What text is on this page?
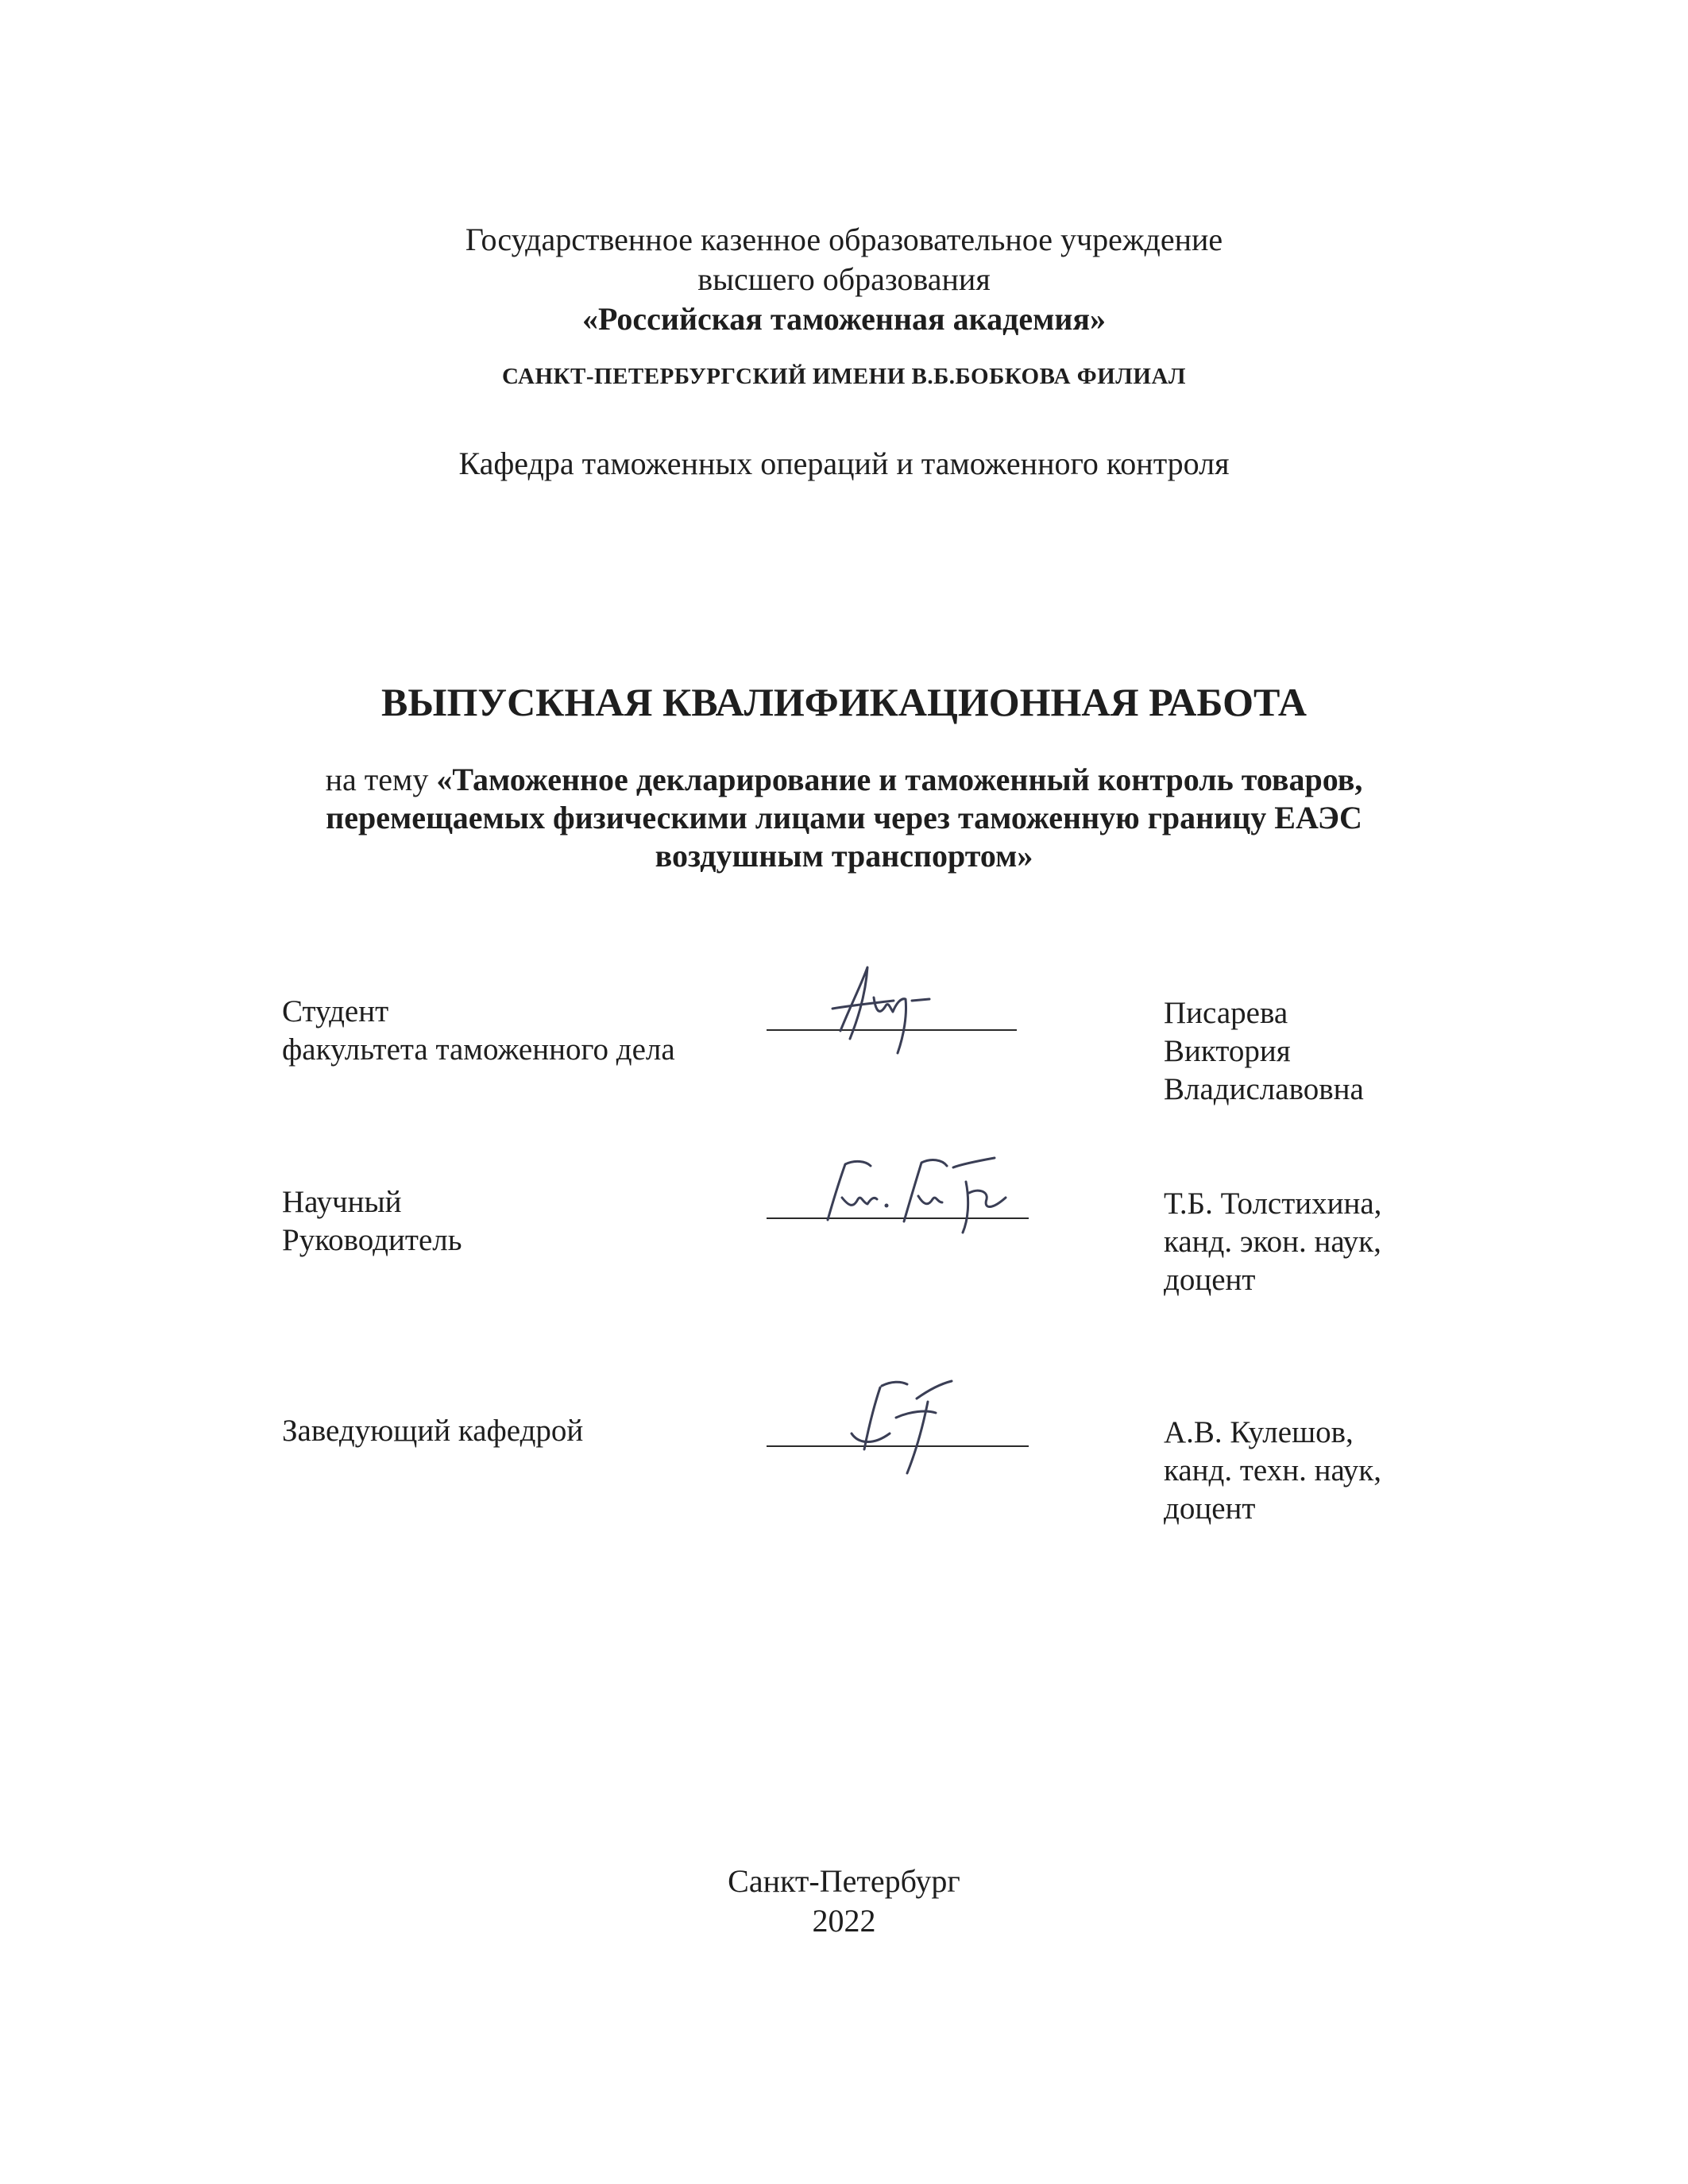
Государственное казенное образовательное учреждение
высшего образования
«Российская таможенная академия»
САНКТ-ПЕТЕРБУРГСКИЙ ИМЕНИ В.Б.БОБКОВА ФИЛИАЛ
Кафедра таможенных операций и таможенного контроля
ВЫПУСКНАЯ КВАЛИФИКАЦИОННАЯ РАБОТА
на тему «Таможенное декларирование и таможенный контроль товаров,
перемещаемых физическими лицами через таможенную границу ЕАЭС
воздушным транспортом»
Студент
факультета таможенного дела
Писарева
Виктория
Владиславовна
Научный
Руководитель
Т.Б. Толстихина,
канд. экон. наук,
доцент
Заведующий кафедрой	А.В. Кулешов,
канд. техн. наук,
доцент
Санкт-Петербург
2022
